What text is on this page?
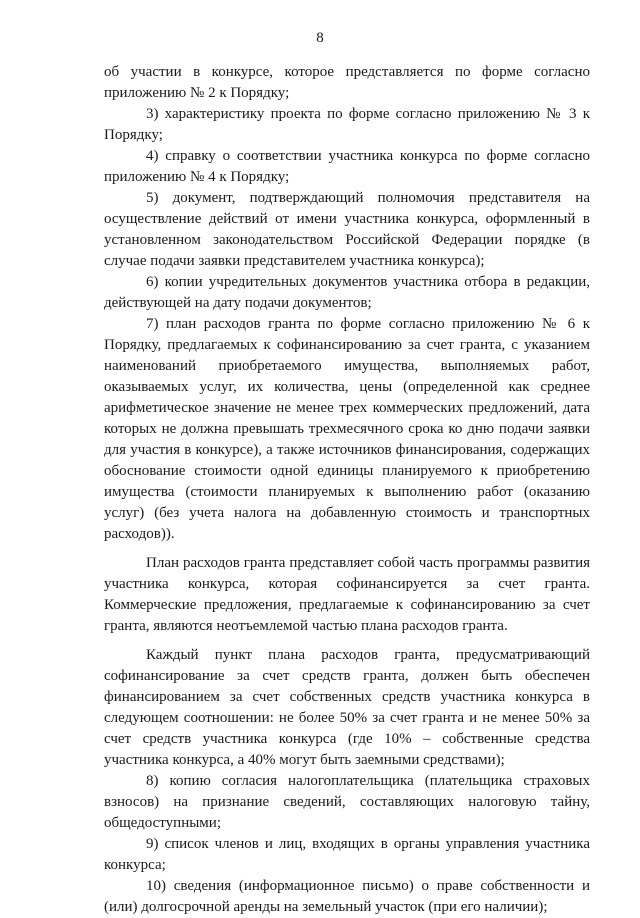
8

об участии в конкурсе, которое представляется по форме согласно приложению № 2 к Порядку;

3) характеристику проекта по форме согласно приложению № 3 к Порядку;

4) справку о соответствии участника конкурса по форме согласно приложению № 4 к Порядку;

5) документ, подтверждающий полномочия представителя на осуществление действий от имени участника конкурса, оформленный в установленном законодательством Российской Федерации порядке (в случае подачи заявки представителем участника конкурса);

6) копии учредительных документов участника отбора в редакции, действующей на дату подачи документов;

7) план расходов гранта по форме согласно приложению № 6 к Порядку, предлагаемых к софинансированию за счет гранта, с указанием наименований приобретаемого имущества, выполняемых работ, оказываемых услуг, их количества, цены (определенной как среднее арифметическое значение не менее трех коммерческих предложений, дата которых не должна превышать трехмесячного срока ко дню подачи заявки для участия в конкурсе), а также источников финансирования, содержащих обоснование стоимости одной единицы планируемого к приобретению имущества (стоимости планируемых к выполнению работ (оказанию услуг) (без учета налога на добавленную стоимость и транспортных расходов)).

План расходов гранта представляет собой часть программы развития участника конкурса, которая софинансируется за счет гранта. Коммерческие предложения, предлагаемые к софинансированию за счет гранта, являются неотъемлемой частью плана расходов гранта.

Каждый пункт плана расходов гранта, предусматривающий софинансирование за счет средств гранта, должен быть обеспечен финансированием за счет собственных средств участника конкурса в следующем соотношении: не более 50% за счет гранта и не менее 50% за счет средств участника конкурса (где 10% – собственные средства участника конкурса, а 40% могут быть заемными средствами);

8) копию согласия налогоплательщика (плательщика страховых взносов) на признание сведений, составляющих налоговую тайну, общедоступными;

9) список членов и лиц, входящих в органы управления участника конкурса;

10) сведения (информационное письмо) о праве собственности и (или) долгосрочной аренды на земельный участок (при его наличии);
